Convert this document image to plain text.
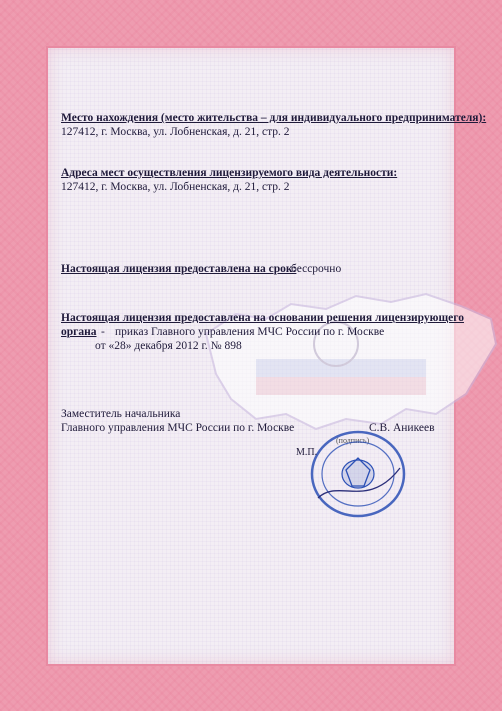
Место нахождения (место жительства – для индивидуального предпринимателя):
127412, г. Москва, ул. Лобненская, д. 21, стр. 2
Адреса мест осуществления лицензируемого вида деятельности:
127412, г. Москва, ул. Лобненская, д. 21, стр. 2
Настоящая лицензия предоставлена на срок:
бессрочно
Настоящая лицензия предоставлена на основании решения лицензирующего
органа - приказ Главного управления МЧС России по г. Москве
от «28» декабря 2012 г. № 898
Заместитель начальника
Главного управления МЧС России по г. Москве	С.В. Аникеев
(подпись)
М.П.
